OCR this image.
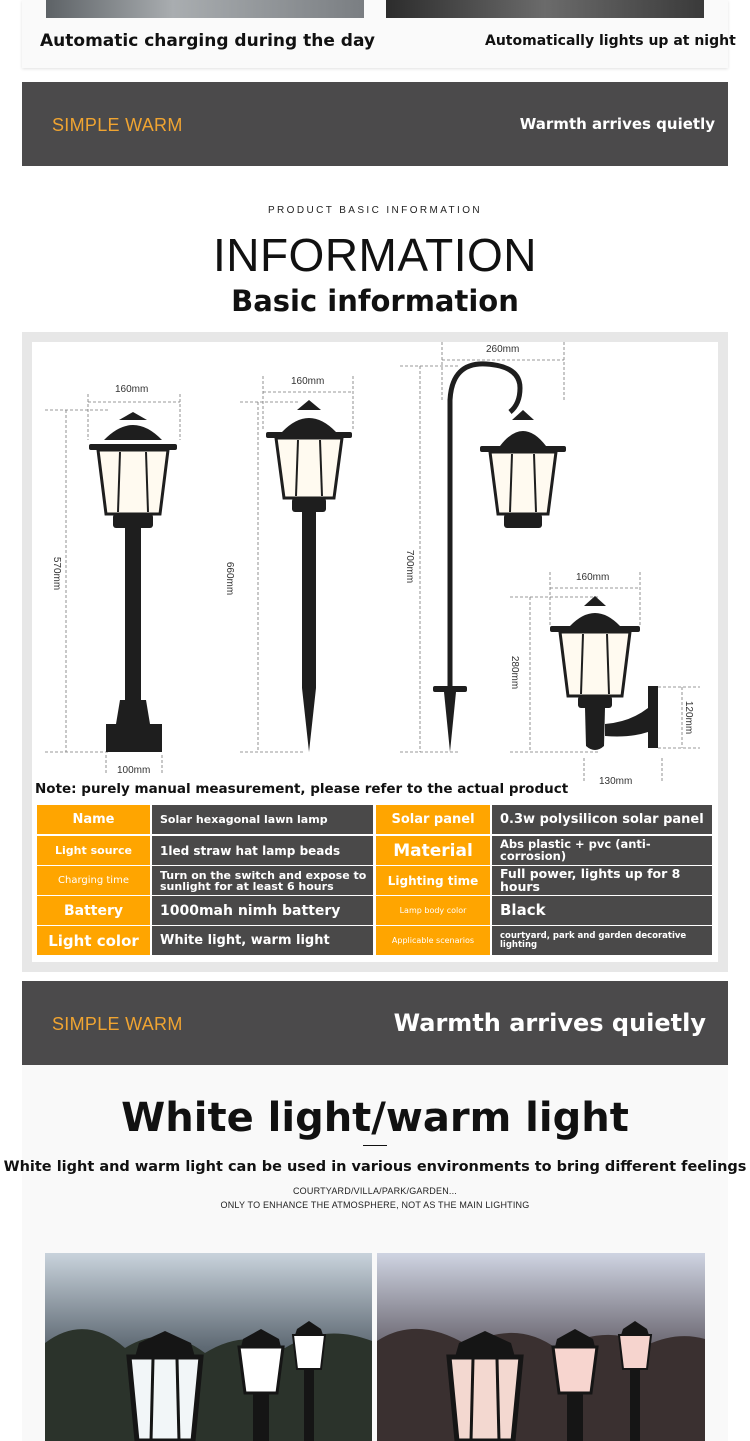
Automatic charging during the day	Automatically lights up at night
SIMPLE WARM	Warmth arrives quietly
PRODUCT BASIC INFORMATION
INFORMATION
Basic information
160mm
570mm
100mm
160mm
660mm
260mm
700mm	160mm
280mm
120mm
130mm
Note: purely manual measurement, please refer to the actual product
Name	Solar hexagonal lawn lamp	Solar panel	0.3w polysilicon solar panel
Light source	1led straw hat lamp beads	Material	Abs plastic + pvc (anti-corrosion)
Charging time	Turn on the switch and expose to sunlight for at least 6 hours	Lighting time	Full power, lights up for 8 hours
Battery	1000mah nimh battery	Lamp body color	Black
Light color	White light, warm light	Applicable scenarios	courtyard, park and garden decorative lighting
SIMPLE WARM	Warmth arrives quietly
White light/warm light
White light and warm light can be used in various environments to bring different feelings
COURTYARD/VILLA/PARK/GARDEN...
ONLY TO ENHANCE THE ATMOSPHERE, NOT AS THE MAIN LIGHTING
